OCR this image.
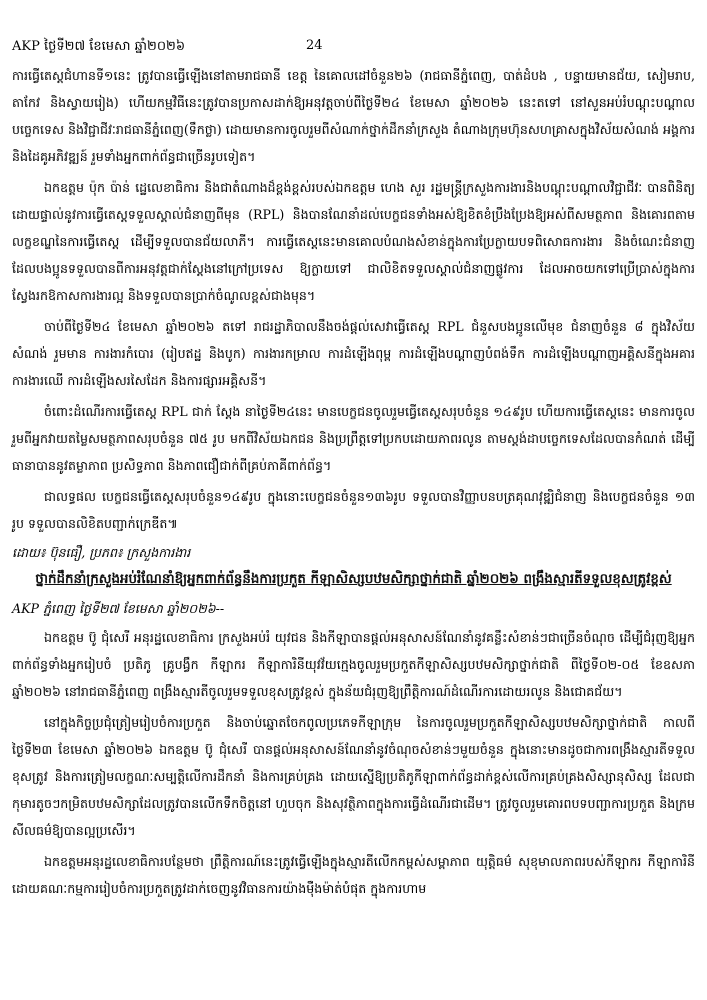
AKP ថ្ងៃទី២៧ ខែមេសា ឆ្នាំ២០២៦	24

ការធ្វើតេស្តជំហានទី១នេះ ត្រូវបានធ្វើឡើងនៅតាមរាជធានី ខេត្ត នៃគោលដៅចំនួន២៦ (រាជធានីភ្នំពេញ, បាត់ដំបង , បន្ទាយមានជ័យ, សៀមរាប, តាកែវ និងស្វាយរៀង) ហើយកម្មវិធីនេះត្រូវបានប្រកាសដាក់ឱ្យអនុវត្តចាប់ពីថ្ងៃទី២៤ ខែមេសា ឆ្នាំ២០២៦ នេះតទៅ នៅសួនអប់រំបណ្តុះបណ្តាលបច្ចេកទេស និងវិជ្ជាជីវៈរាជធានីភ្នំពេញ(ទឹកថ្លា) ដោយមានការចូលរួមពីសំណាក់ថ្នាក់ដឹកនាំក្រសួង តំណាងក្រុមហ៊ុនសហគ្រាសក្នុងវិស័យសំណង់ អង្គការ និងដៃគូអភិវឌ្ឍន៍ រួមទាំងអ្នកពាក់ព័ន្ធជាច្រើនរូបទៀត។

ឯកឧត្តម ប៉ុក ប៉ាន់ ដ្ឋេលេខាធិការ និងជាតំណាងដ៏ខ្ពង់ខ្ពស់របស់ឯកឧត្តម ហេង សួរ រដ្ឋមន្ត្រីក្រសួងការងារនិងបណ្តុះបណ្តាលវិជ្ជាជីវៈ បានពិនិត្យដោយផ្ទាល់នូវការធ្វើតេស្តទទួលស្គាល់ជំនាញពីមុន (RPL) និងបានណែនាំដល់បេក្ខជនទាំងអស់ឱ្យខិតខំប្រឹងប្រែងឱ្យអស់ពីសមត្ថភាព និងគោរពតាមលក្ខខណ្ឌនៃការធ្វើតេស្ត ដើម្បីទទួលបានជ័យលាភី។ ការធ្វើតេស្តនេះមានគោលបំណងសំខាន់ក្នុងការប្រែក្លាយបទពិសោធការងារ និងចំណេះជំនាញដែលបងប្អូនទទួលបានពីការអនុវត្តជាក់ស្តែងនៅក្រៅប្រទេស ឱ្យក្លាយទៅ ជាលិខិតទទួលស្គាល់ជំនាញផ្លូវការ ដែលអាចយកទៅប្រើប្រាស់ក្នុងការ ស្វែងរកឱកាសការងារល្អ និងទទួលបានប្រាក់ចំណូលខ្ពស់ជាងមុន។

ចាប់ពីថ្ងៃទី២៤ ខែមេសា ឆ្នាំ២០២៦ តទៅ រាជរដ្ឋាភិបាលនឹងចង់ផ្តល់សេវាធ្វើតេស្ត RPL ជំនួសបងប្អូនលើមុខ ជំនាញចំនួន ៨ ក្នុងវិស័យសំណង់ រួមមាន ការងារកំបោរ (រៀបឥដ្ឋ និងបូក) ការងារកម្រាល ការដំឡើងពុម្ព ការដំឡើងបណ្តាញបំពង់ទឹក ការដំឡើងបណ្តាញអគ្គិសនីក្នុងអគារ ការងារឈើ ការដំឡើងសរសៃដែក និងការផ្សារអគ្គិសនី។

ចំពោះដំណើរការធ្វើតេស្ត RPL ជាក់ ស្តែង នាថ្ងៃទី២៤នេះ មានបេក្ខជនចូលរួមធ្វើតេស្តសរុបចំនួន ១៤៩រូប ហើយការធ្វើតេស្តនេះ មានការចូលរួមពីអ្នកវាយតម្លៃសមត្ថភាពសរុបចំនួន ៧៥ រូប មកពីវិស័យឯកជន និងប្រព្រឹត្តទៅប្រកបដោយភាពរលូន តាមស្តង់ដាបច្ចេកទេសដែលបានកំណត់ ដើម្បីធានាបាននូវតម្លាភាព ប្រសិទ្ធភាព និងភាពជឿជាក់ពីគ្រប់ភាគីពាក់ព័ន្ធ។

ជាលទ្ធផល បេក្ខជនធ្វើតេស្តសរុបចំនួន១៤៩រូប ក្នុងនោះបេក្ខជនចំនួន១៣៦រូប ទទួលបានវិញ្ញាបនបត្រគុណវុឌ្ឍិជំនាញ និងបេក្ខជនចំនួន ១៣ រូប ទទួលបានលិខិតបញ្ជាក់ក្រេឌីត៕

ដោយ៖ ប៊ុនធឿ, ប្រភព៖ ក្រសួងការងារ

ថ្នាក់ដឹកនាំក្រសួងអប់រំណែនាំឱ្យអ្នកពាក់ព័ន្ធនឹងការប្រកួត កីឡាសិស្សបឋមសិក្សាថ្នាក់ជាតិ ឆ្នាំ២០២៦ ពង្រឹងស្មារតីទទួលខុសត្រូវខ្ពស់

AKP ភ្នំពេញ ថ្ងៃទី២៧ ខែមេសា ឆ្នាំ២០២៦--

ឯកឧត្តម ប៊ូ ជុំសេរី អនុរដ្ឋលេខាធិការ ក្រសួងអប់រំ យុវជន និងកីឡាបានផ្តល់អនុសាសន៍ណែនាំនូវគន្លឹះសំខាន់ៗជាច្រើនចំណុច ដើម្បីជំរុញឱ្យអ្នកពាក់ព័ន្ធទាំងអ្នករៀបចំ ប្រតិភូ គ្រូបង្វឹក កីឡាករ កីឡាការិនីយុវវ័យក្មេងចូលរួមប្រកួតកីឡាសិស្សបឋមសិក្សាថ្នាក់ជាតិ ពីថ្ងៃទី០២-០៥ ខែឧសភា ឆ្នាំ២០២៦ នៅរាជធានីភ្នំពេញ ពង្រឹងស្មារតីចូលរួមទទួលខុសត្រូវខ្ពស់ ក្នុងន័យជំរុញឱ្យព្រឹត្តិការណ៍ដំណើរការដោយរលូន និងជោគជ័យ។

នៅក្នុងកិច្ចប្រជុំត្រៀមរៀបចំការប្រកួត និងចាប់ឆ្នោតចែកពូលប្រភេទកីឡាក្រុម នៃការចូលរួមប្រកួតកីឡាសិស្សបឋមសិក្សាថ្នាក់ជាតិ កាលពីថ្ងៃទី២៣ ខែមេសា ឆ្នាំ២០២៦ ឯកឧត្តម ប៊ូ ជុំសេរី បានផ្តល់អនុសាសន៍ណែនាំនូវចំណុចសំខាន់ៗមួយចំនួន ក្នុងនោះមានដូចជាការពង្រឹងស្មារតីទទួលខុសត្រូវ និងការត្រៀមលក្ខណៈសម្បត្តិលើការដឹកនាំ និងការគ្រប់គ្រង ដោយស្នើឱ្យប្រតិភូកីឡាពាក់ព័ន្ធដាក់ខ្ពស់លើការគ្រប់គ្រងសិស្សានុសិស្ស ដែលជាកុមារតូចៗកម្រិតបឋមសិក្សាដែលត្រូវបានលើកទឹកចិត្តនៅ ហួបចុក និងសុវត្ថិភាពក្នុងការធ្វើដំណើរជាដើម។ ត្រូវចូលរួមគោរពបទបញ្ជាការប្រកួត និងក្រមសីលធម៌ឱ្យបានល្អប្រសើរ។

ឯកឧត្តមអនុរដ្ឋលេខាធិការបន្ថែមថា ព្រឹត្តិការណ៍នេះត្រូវធ្វើឡើងក្នុងស្មារតីលើកកម្ពស់សម្ពាភាព យុត្តិធម៌ សុខុមាលភាពរបស់កីឡាករ កីឡាការិនី ដោយគណៈកម្មការរៀបចំការប្រកួតត្រូវដាក់ចេញនូវវិធានការយ៉ាងម៉ឺងម៉ាត់បំផុត ក្នុងការហាម
